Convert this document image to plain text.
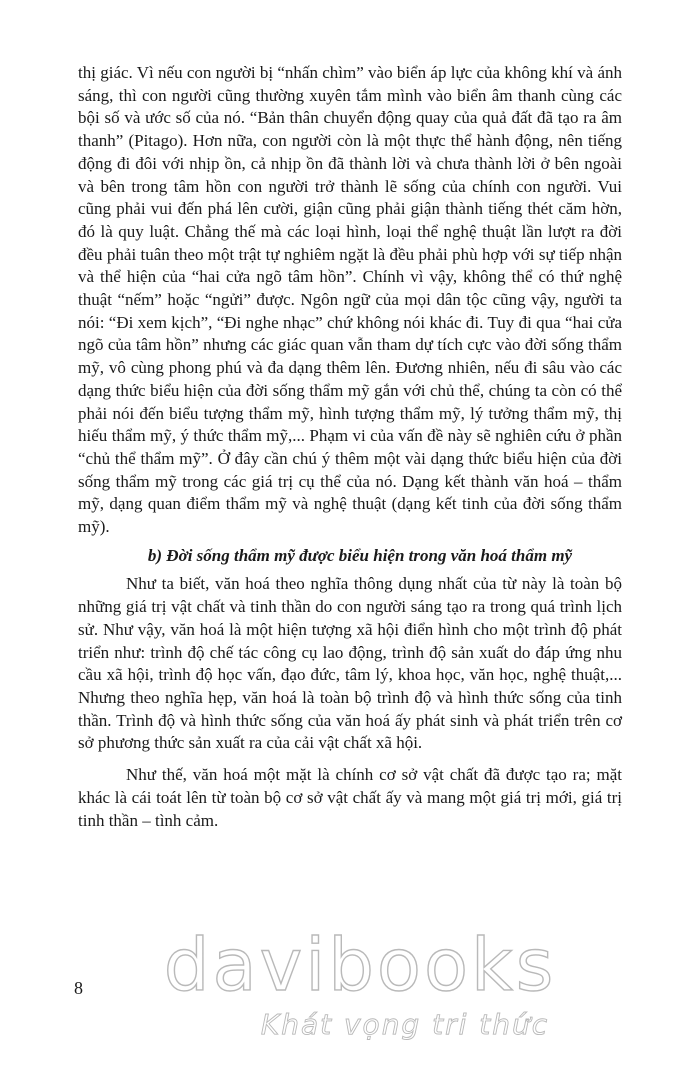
thị giác. Vì nếu con người bị “nhấn chìm” vào biển áp lực của không khí và ánh sáng, thì con người cũng thường xuyên tắm mình vào biển âm thanh cùng các bội số và ước số của nó. “Bản thân chuyển động quay của quả đất đã tạo ra âm thanh” (Pitago). Hơn nữa, con người còn là một thực thể hành động, nên tiếng động đi đôi với nhịp ồn, cả nhịp ồn đã thành lời và chưa thành lời ở bên ngoài và bên trong tâm hồn con người trở thành lẽ sống của chính con người. Vui cũng phải vui đến phá lên cười, giận cũng phải giận thành tiếng thét căm hờn, đó là quy luật. Chẳng thế mà các loại hình, loại thể nghệ thuật lần lượt ra đời đều phải tuân theo một trật tự nghiêm ngặt là đều phải phù hợp với sự tiếp nhận và thể hiện của “hai cửa ngõ tâm hồn”. Chính vì vậy, không thể có thứ nghệ thuật “nếm” hoặc “ngửi” được. Ngôn ngữ của mọi dân tộc cũng vậy, người ta nói: “Đi xem kịch”, “Đi nghe nhạc” chứ không nói khác đi. Tuy đi qua “hai cửa ngõ của tâm hồn” nhưng các giác quan vẫn tham dự tích cực vào đời sống thẩm mỹ, vô cùng phong phú và đa dạng thêm lên. Đương nhiên, nếu đi sâu vào các dạng thức biểu hiện của đời sống thẩm mỹ gắn với chủ thể, chúng ta còn có thể phải nói đến biểu tượng thẩm mỹ, hình tượng thẩm mỹ, lý tưởng thẩm mỹ, thị hiếu thẩm mỹ, ý thức thẩm mỹ,... Phạm vi của vấn đề này sẽ nghiên cứu ở phần “chủ thể thẩm mỹ”. Ở đây cần chú ý thêm một vài dạng thức biểu hiện của đời sống thẩm mỹ trong các giá trị cụ thể của nó. Dạng kết thành văn hoá – thẩm mỹ, dạng quan điểm thẩm mỹ và nghệ thuật (dạng kết tinh của đời sống thẩm mỹ).

b) Đời sống thẩm mỹ được biểu hiện trong văn hoá thẩm mỹ

Như ta biết, văn hoá theo nghĩa thông dụng nhất của từ này là toàn bộ những giá trị vật chất và tinh thần do con người sáng tạo ra trong quá trình lịch sử. Như vậy, văn hoá là một hiện tượng xã hội điển hình cho một trình độ phát triển như: trình độ chế tác công cụ lao động, trình độ sản xuất do đáp ứng nhu cầu xã hội, trình độ học vấn, đạo đức, tâm lý, khoa học, văn học, nghệ thuật,... Nhưng theo nghĩa hẹp, văn hoá là toàn bộ trình độ và hình thức sống của tinh thần. Trình độ và hình thức sống của văn hoá ấy phát sinh và phát triển trên cơ sở phương thức sản xuất ra của cải vật chất xã hội.

Như thế, văn hoá một mặt là chính cơ sở vật chất đã được tạo ra; mặt khác là cái toát lên từ toàn bộ cơ sở vật chất ấy và mang một giá trị mới, giá trị tinh thần – tình cảm.

8 davibooks
Khát vọng tri thức
